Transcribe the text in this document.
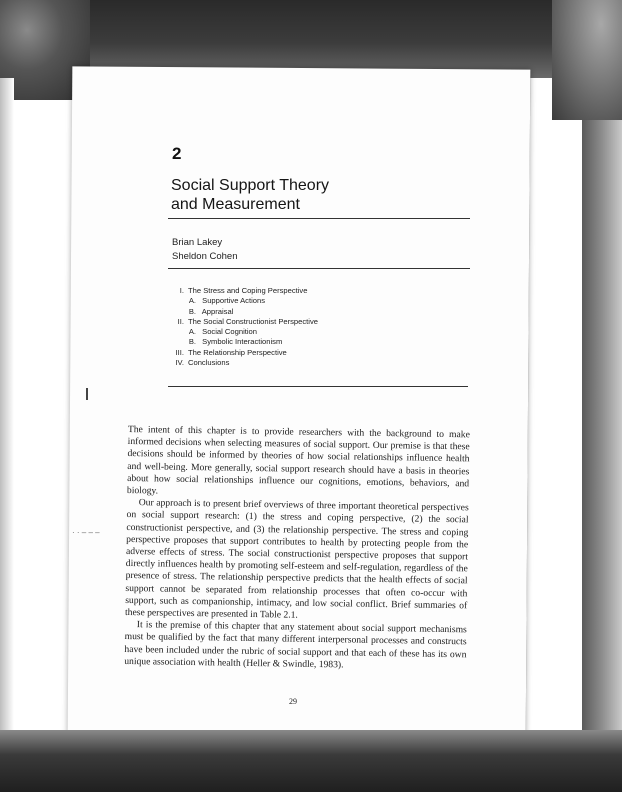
2
Social Support Theory
and Measurement
Brian Lakey
Sheldon Cohen
I. The Stress and Coping Perspective
A. Supportive Actions
B. Appraisal
II. The Social Constructionist Perspective
A. Social Cognition
B. Symbolic Interactionism
III. The Relationship Perspective
IV. Conclusions

The intent of this chapter is to provide researchers with the background to make informed decisions when selecting measures of social support. Our premise is that these decisions should be informed by theories of how social relationships influence health and well-being. More generally, social support research should have a basis in theories about how social relationships influence our cognitions, emotions, behaviors, and biology.

Our approach is to present brief overviews of three important theoretical perspectives on social support research: (1) the stress and coping perspective, (2) the social constructionist perspective, and (3) the relationship perspective. The stress and coping perspective proposes that support contributes to health by protecting people from the adverse effects of stress. The social constructionist perspective proposes that support directly influences health by promoting self-esteem and self-regulation, regardless of the presence of stress. The relationship perspective predicts that the health effects of social support cannot be separated from relationship processes that often co-occur with support, such as companionship, intimacy, and low social conflict. Brief summaries of these perspectives are presented in Table 2.1.

It is the premise of this chapter that any statement about social support mechanisms must be qualified by the fact that many different interpersonal processes and constructs have been included under the rubric of social support and that each of these has its own unique association with health (Heller & Swindle, 1983).

· · – – –
29
